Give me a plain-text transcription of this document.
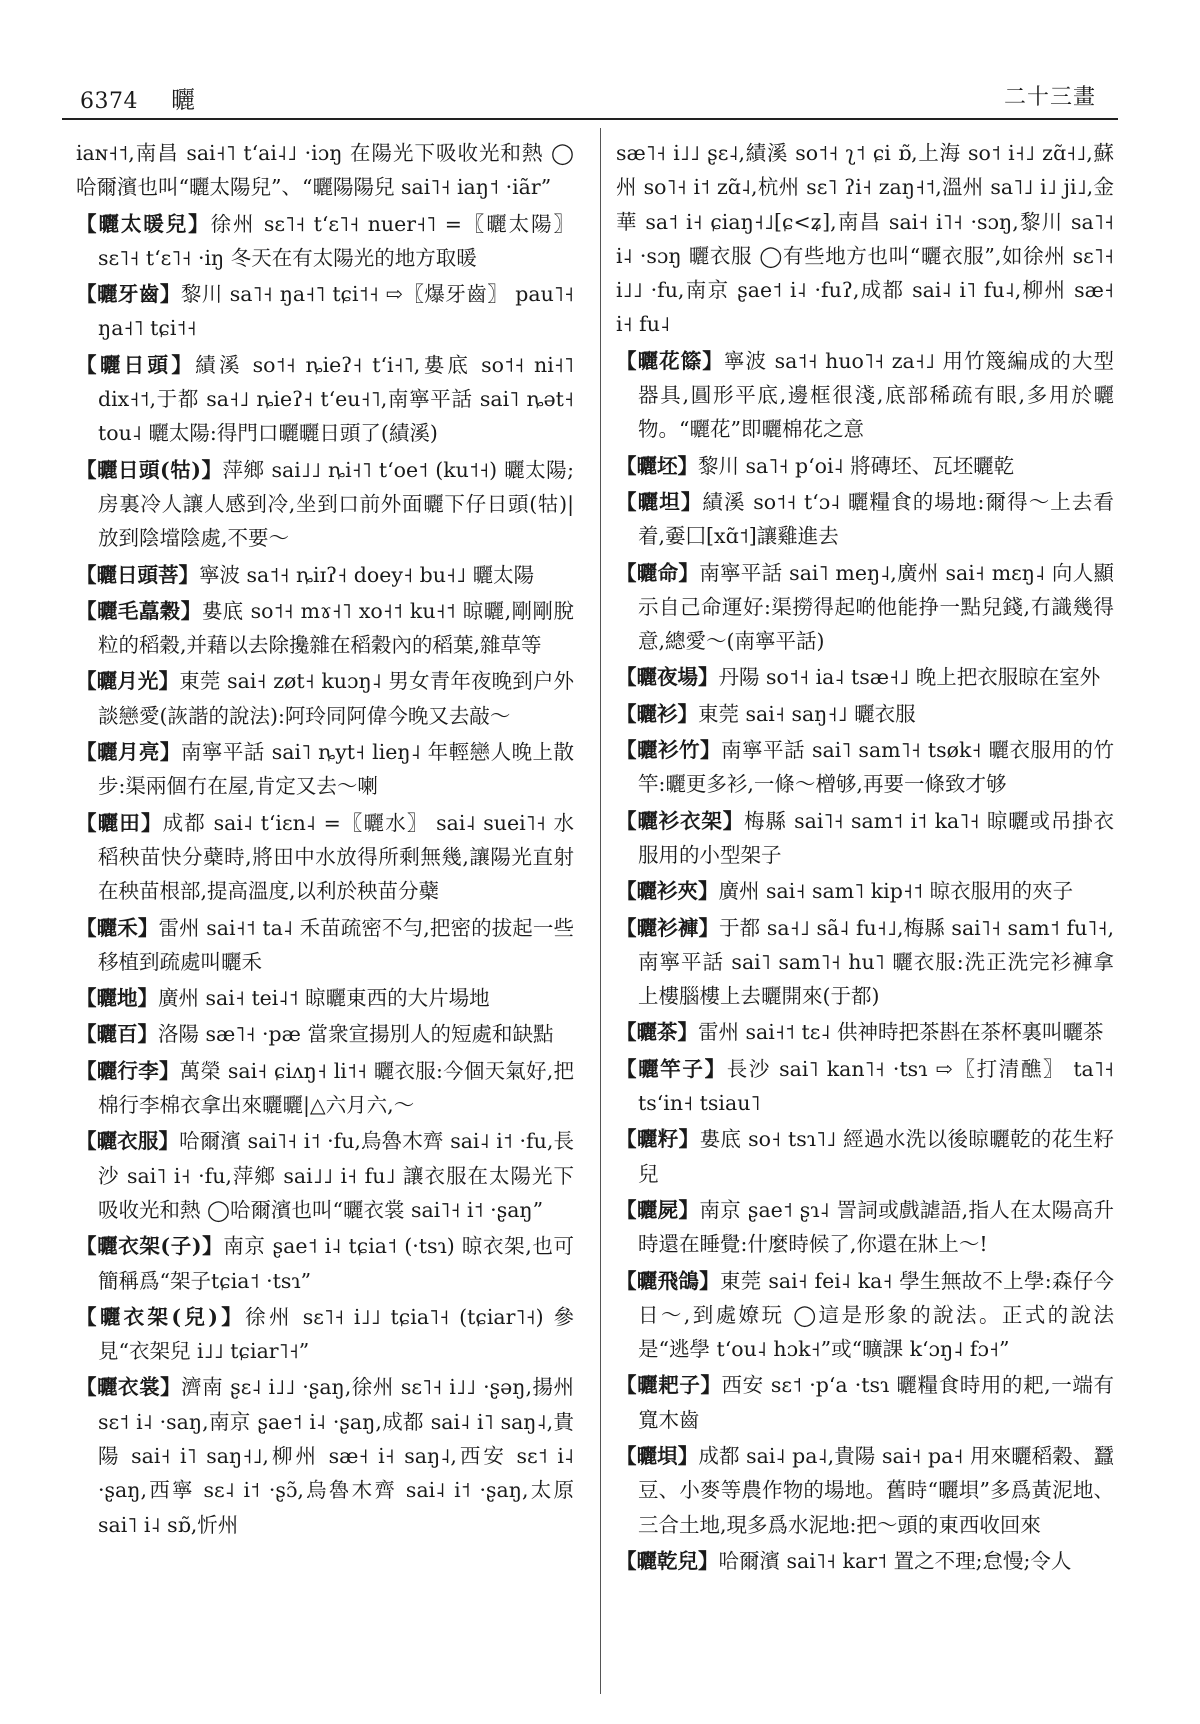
6374 曬	二十三畫

iaɴ˧˦,南昌 sai˧˥ tʻai˨˩ ·iɔŋ 在陽光下吸收光和熱 ◯哈爾濱也叫“曬太陽兒”、“曬陽陽兒 sai˥˧ iaŋ˦ ·iãr”

【曬太暖兒】徐州 sɛ˥˧ tʻɛ˥˧ nuer˧˥ =〖曬太陽〗 sɛ˥˧ tʻɛ˥˧ ·iŋ 冬天在有太陽光的地方取暖

【曬牙齒】黎川 sa˥˧ ŋa˧˥ tɕi˦˧ ⇨〖爆牙齒〗 pau˥˧ ŋa˧˥ tɕi˦˧

【曬日頭】績溪 so˦˧ ȵieʔ˧ tʻi˧˥,婁底 so˦˧ ni˧˥ dix˧˦,于都 sa˧˩ ȵieʔ˧ tʻeu˧˥,南寧平話 sai˥ ȵət˧ tou˨ 曬太陽:得門口曬曬日頭了(績溪)

【曬日頭(牯)】萍鄉 sai˩˩ ȵi˧˥ tʻoe˦ (ku˦˧) 曬太陽;房裏冷人讓人感到冷,坐到口前外面曬下仔日頭(牯)|放到陰壋陰處,不要～

【曬日頭菩】寧波 sa˦˧ ȵiɪʔ˧ doey˧ bu˧˩ 曬太陽

【曬毛藠穀】婁底 so˦˧ mɤ˧˥ xo˧˦ ku˧˦ 晾曬,剛剛脫粒的稻穀,并藉以去除攙雜在稻穀內的稻葉,雜草等

【曬月光】東莞 sai˧ zøt˧ kuɔŋ˨ 男女青年夜晚到户外談戀愛(詼諧的說法):阿玲同阿偉今晚又去敲～

【曬月亮】南寧平話 sai˥ ȵyt˧ lieŋ˨ 年輕戀人晚上散步:渠兩個冇在屋,肯定又去～喇

【曬田】成都 sai˨ tʻiɛn˨ =〖曬水〗 sai˨ suei˥˧ 水稻秧苗快分蘗時,將田中水放得所剩無幾,讓陽光直射在秧苗根部,提高溫度,以利於秧苗分蘗

【曬禾】雷州 sai˧˦ ta˨ 禾苗疏密不勻,把密的拔起一些移植到疏處叫曬禾

【曬地】廣州 sai˧ tei˨˦ 晾曬東西的大片場地

【曬百】洛陽 sæ˥˧ ·pæ 當衆宣揚別人的短處和缺點

【曬行李】萬榮 sai˧ ɕiʌŋ˧ li˦˧ 曬衣服:今個天氣好,把棉行李棉衣拿出來曬曬|△六月六,～

【曬衣服】哈爾濱 sai˥˧ i˦ ·fu,烏魯木齊 sai˨ i˦ ·fu,長沙 sai˥ i˧ ·fu,萍鄉 sai˩˩ i˧ fu˩ 讓衣服在太陽光下吸收光和熱 ◯哈爾濱也叫“曬衣裳 sai˥˧ i˦ ·ʂaŋ”

【曬衣架(子)】南京 ʂae˦ i˨ tɕia˦ (·tsɿ) 晾衣架,也可簡稱爲“架子tɕia˦ ·tsɿ”

【曬衣架(兒)】徐州 sɛ˥˧ i˩˩ tɕia˥˧ (tɕiar˥˧) 參見“衣架兒 i˩˩ tɕiar˥˧”

【曬衣裳】濟南 ʂɛ˨ i˩˩ ·ʂaŋ,徐州 sɛ˥˧ i˩˩ ·ʂəŋ,揚州 sɛ˦ i˨ ·saŋ,南京 ʂae˦ i˨ ·ʂaŋ,成都 sai˨ i˥ saŋ˨,貴陽 sai˧ i˥ saŋ˧˩,柳州 sæ˧ i˧ saŋ˨,西安 sɛ˦ i˨ ·ʂaŋ,西寧 sɛ˨ i˦ ·ʂɔ̃,烏魯木齊 sai˨ i˦ ·ʂaŋ,太原 sai˥ i˨ sɒ̃,忻州

sæ˥˧ i˩˩ ʂɛ˨,績溪 so˦˧ ʅ˦ ɕi ɒ̃,上海 so˦ i˧˩ zɑ̃˧˩,蘇州 so˥˧ i˦ zɑ̃˨,杭州 sɛ˥ ʔi˧ zaŋ˧˦,溫州 sa˥˩ i˩ ji˩,金華 sa˦ i˧ ɕiaŋ˧˩[ɕ<ʑ],南昌 sai˧ i˥˧ ·sɔŋ,黎川 sa˥˧ i˨ ·sɔŋ 曬衣服 ◯有些地方也叫“曬衣服”,如徐州 sɛ˥˧ i˩˩ ·fu,南京 ʂae˦ i˨ ·fuʔ,成都 sai˨ i˥ fu˨,柳州 sæ˧ i˧ fu˨

【曬花篨】寧波 sa˦˧ huo˥˧ za˧˩ 用竹篾編成的大型器具,圓形平底,邊框很淺,底部稀疏有眼,多用於曬物。“曬花”即曬棉花之意

【曬坯】黎川 sa˥˧ pʻoi˨ 將磚坯、瓦坯曬乾

【曬坦】績溪 so˦˧ tʻɔ˨ 曬糧食的場地:爾得～上去看着,嫑囗[xɑ̃˦]讓雞進去

【曬命】南寧平話 sai˥ meŋ˨,廣州 sai˧ mɛŋ˨ 向人顯示自己命運好:渠撈得起啲他能挣一點兒錢,冇識幾得意,總愛～(南寧平話)

【曬夜場】丹陽 so˦˧ ia˨ tsæ˧˩ 晚上把衣服晾在室外

【曬衫】東莞 sai˧ saŋ˧˩ 曬衣服

【曬衫竹】南寧平話 sai˥ sam˥˧ tsøk˧ 曬衣服用的竹竿:曬更多衫,一條～橧够,再要一條致才够

【曬衫衣架】梅縣 sai˥˧ sam˦ i˦ ka˥˧ 晾曬或吊掛衣服用的小型架子

【曬衫夾】廣州 sai˧ sam˥ kip˧˦ 晾衣服用的夾子

【曬衫褲】于都 sa˧˩ sã˨ fu˧˩,梅縣 sai˥˧ sam˦ fu˥˧,南寧平話 sai˥ sam˥˧ hu˥ 曬衣服:洗正洗完衫褲拿上樓腦樓上去曬開來(于都)

【曬茶】雷州 sai˧˦ tɛ˨ 供神時把茶斟在茶杯裏叫曬茶

【曬竿子】長沙 sai˥ kan˥˧ ·tsɿ ⇨〖打清醮〗 ta˥˧ tsʻin˧ tsiau˥

【曬籽】婁底 so˧ tsɿ˥˩ 經過水洗以後晾曬乾的花生籽兒

【曬屍】南京 ʂae˦ ʂɿ˨ 詈詞或戲謔語,指人在太陽高升時還在睡覺:什麼時候了,你還在牀上～!

【曬飛鴿】東莞 sai˧ fei˨ ka˧ 學生無故不上學:森仔今日～,到處嫽玩 ◯這是形象的說法。正式的說法是“逃學 tʻou˨ hɔk˧”或“曠課 kʻɔŋ˨ fɔ˧”

【曬耙子】西安 sɛ˦ ·pʻa ·tsɿ 曬糧食時用的耙,一端有寬木齒

【曬垻】成都 sai˨ pa˨,貴陽 sai˧ pa˧ 用來曬稻穀、蠶豆、小麥等農作物的場地。舊時“曬垻”多爲黃泥地、三合土地,現多爲水泥地:把～頭的東西收回來

【曬乾兒】哈爾濱 sai˥˧ kar˦ 置之不理;怠慢;令人
